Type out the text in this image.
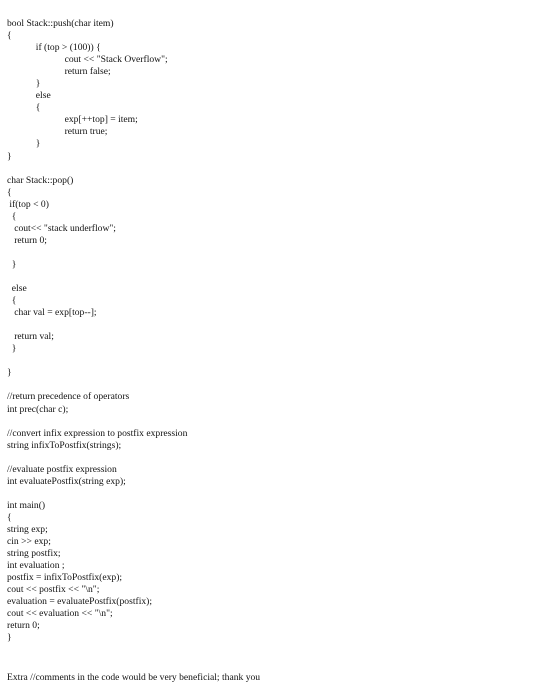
bool Stack::push(char item)
{
if (top > (100)) {
cout << "Stack Overflow";
return false;
}
else
{
exp[++top] = item;
return true;
}
}
char Stack::pop()
{
if(top < 0)
{
cout<< "stack underflow";
return 0;
}
else
{
char val = exp[top--];
return val;
}
}
//return precedence of operators
int prec(char c);
//convert infix expression to postfix expression
string infixToPostfix(strings);
//evaluate postfix expression
int evaluatePostfix(string exp);
int main()
{
string exp;
cin >> exp;
string postfix;
int evaluation ;
postfix = infixToPostfix(exp);
cout << postfix << "\n";
evaluation = evaluatePostfix(postfix);
cout << evaluation << "\n";
return 0;
}
Extra //comments in the code would be very beneficial; thank you
